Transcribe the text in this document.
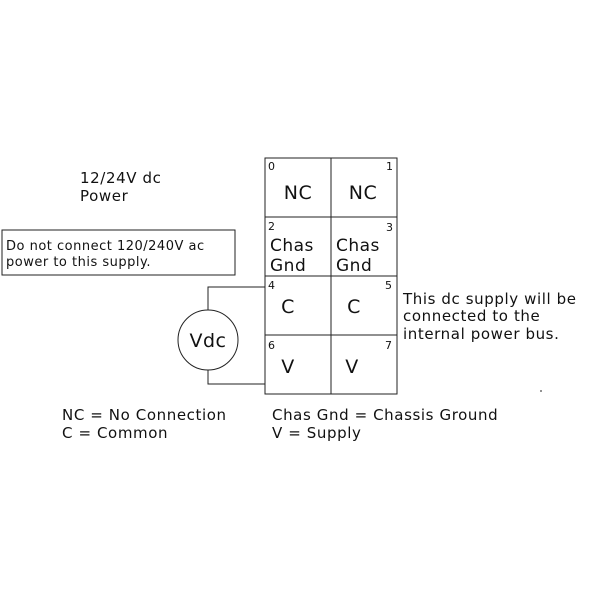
12/24V dc
Power
Do not connect 120/240V ac
power to this supply.
0
NC
1
NC
2
Chas
Gnd
3
Chas
Gnd
4
C
5
C
6
V
7
V
Vdc
This dc supply will be
connected to the
internal power bus.
NC = No Connection
C = Common
Chas Gnd = Chassis Ground
V = Supply
